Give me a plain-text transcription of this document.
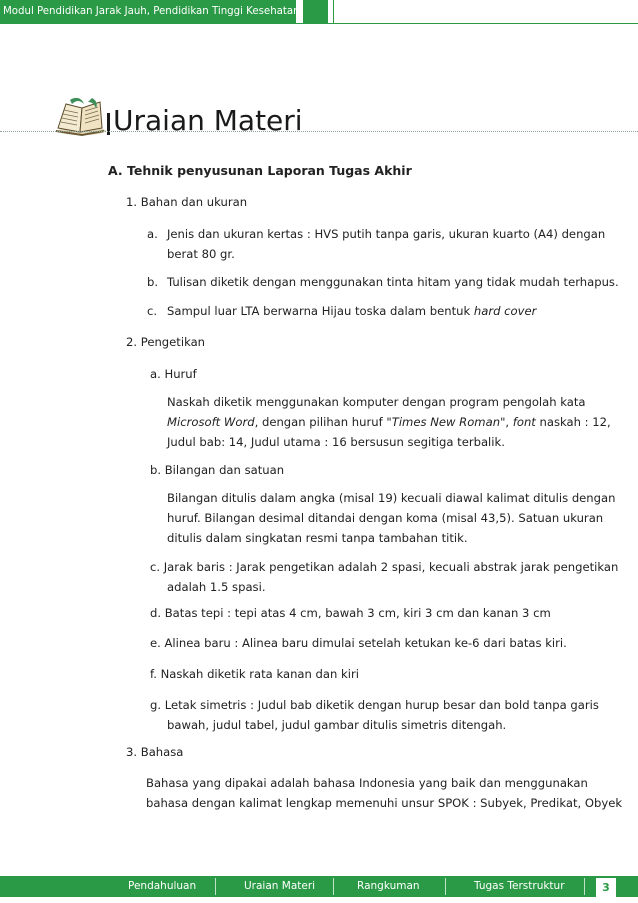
Modul Pendidikan Jarak Jauh, Pendidikan Tinggi Kesehatan
Uraian Materi
A. Tehnik penyusunan Laporan Tugas Akhir
1. Bahan dan ukuran
a. Jenis dan ukuran kertas : HVS putih tanpa garis, ukuran kuarto (A4) dengan
berat 80 gr.
b. Tulisan diketik dengan menggunakan tinta hitam yang tidak mudah terhapus.
c. Sampul luar LTA berwarna Hijau toska dalam bentuk hard cover
2. Pengetikan
a. Huruf
Naskah diketik menggunakan komputer dengan program pengolah kata
Microsoft Word, dengan pilihan huruf "Times New Roman", font naskah : 12,
Judul bab: 14, Judul utama : 16 bersusun segitiga terbalik.
b. Bilangan dan satuan
Bilangan ditulis dalam angka (misal 19) kecuali diawal kalimat ditulis dengan
huruf. Bilangan desimal ditandai dengan koma (misal 43,5). Satuan ukuran
ditulis dalam singkatan resmi tanpa tambahan titik.
c. Jarak baris : Jarak pengetikan adalah 2 spasi, kecuali abstrak jarak pengetikan
adalah 1.5 spasi.
d. Batas tepi : tepi atas 4 cm, bawah 3 cm, kiri 3 cm dan kanan 3 cm
e. Alinea baru : Alinea baru dimulai setelah ketukan ke-6 dari batas kiri.
f. Naskah diketik rata kanan dan kiri
g. Letak simetris : Judul bab diketik dengan hurup besar dan bold tanpa garis
bawah, judul tabel, judul gambar ditulis simetris ditengah.
3. Bahasa
Bahasa yang dipakai adalah bahasa Indonesia yang baik dan menggunakan
bahasa dengan kalimat lengkap memenuhi unsur SPOK : Subyek, Predikat, Obyek
Pendahuluan	Uraian Materi	Rangkuman	Tugas Terstruktur	3
